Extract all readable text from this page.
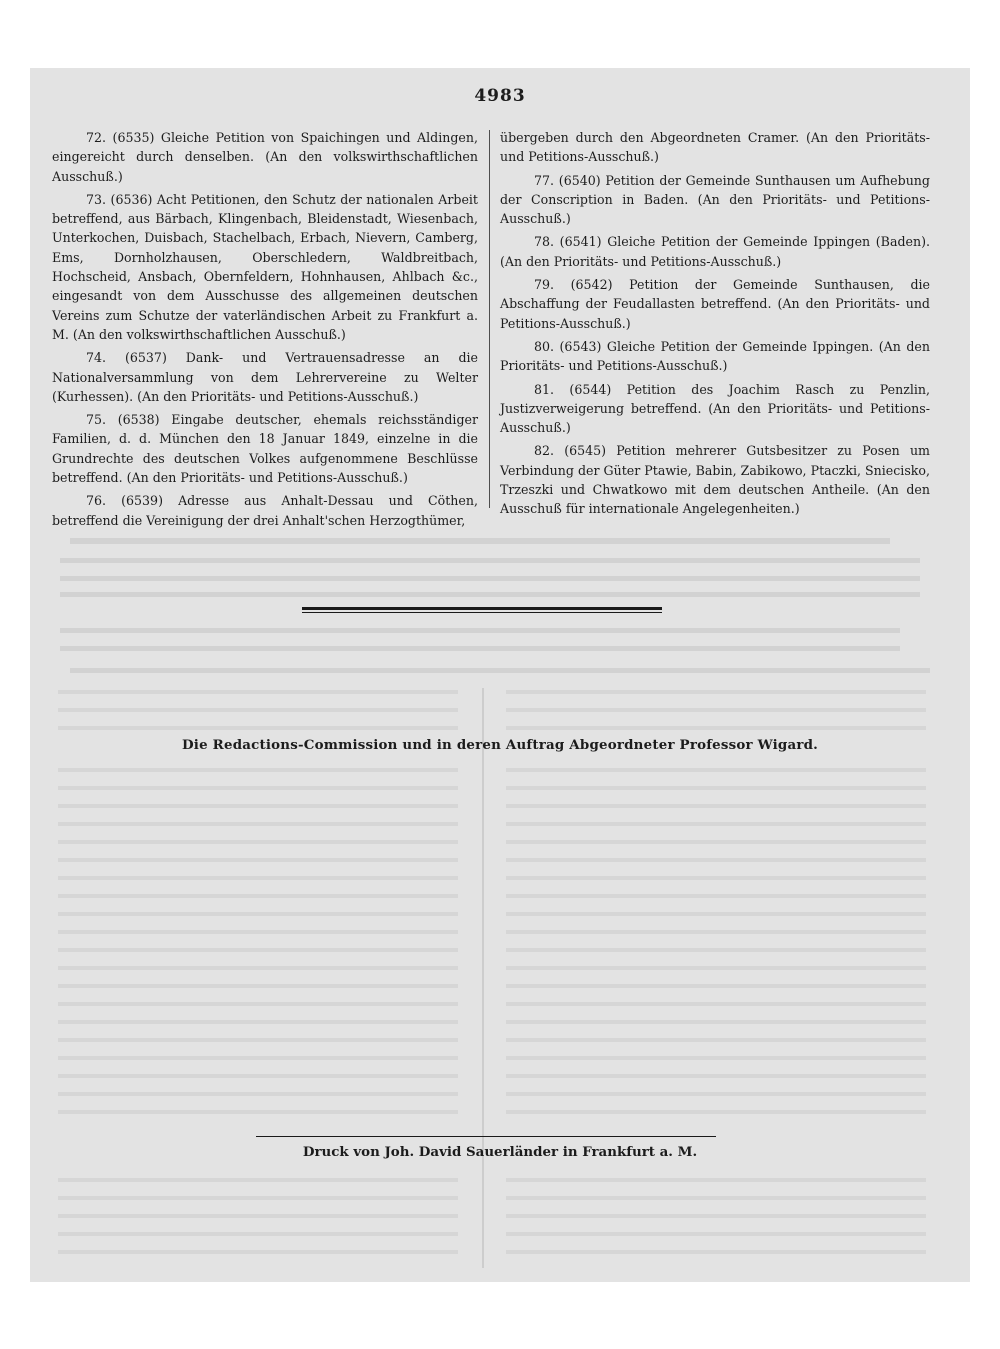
4983

72. (6535) Gleiche Petition von Spaichingen und Aldingen, eingereicht durch denselben. (An den volkswirthschaftlichen Ausschuß.)

73. (6536) Acht Petitionen, den Schutz der nationalen Arbeit betreffend, aus Bärbach, Klingenbach, Bleidenstadt, Wiesenbach, Unterkochen, Duisbach, Stachelbach, Erbach, Nievern, Camberg, Ems, Dornholzhausen, Oberschledern, Waldbreitbach, Hochscheid, Ansbach, Obernfeldern, Hohnhausen, Ahlbach &c., eingesandt von dem Ausschusse des allgemeinen deutschen Vereins zum Schutze der vaterländischen Arbeit zu Frankfurt a. M. (An den volkswirthschaftlichen Ausschuß.)

74. (6537) Dank- und Vertrauensadresse an die Nationalversammlung von dem Lehrervereine zu Welter (Kurhessen). (An den Prioritäts- und Petitions-Ausschuß.)

75. (6538) Eingabe deutscher, ehemals reichsständiger Familien, d. d. München den 18 Januar 1849, einzelne in die Grundrechte des deutschen Volkes aufgenommene Beschlüsse betreffend. (An den Prioritäts- und Petitions-Ausschuß.)

76. (6539) Adresse aus Anhalt-Dessau und Cöthen, betreffend die Vereinigung der drei Anhalt'schen Herzogthümer,

übergeben durch den Abgeordneten Cramer. (An den Prioritäts- und Petitions-Ausschuß.)

77. (6540) Petition der Gemeinde Sunthausen um Aufhebung der Conscription in Baden. (An den Prioritäts- und Petitions-Ausschuß.)

78. (6541) Gleiche Petition der Gemeinde Ippingen (Baden). (An den Prioritäts- und Petitions-Ausschuß.)

79. (6542) Petition der Gemeinde Sunthausen, die Abschaffung der Feudallasten betreffend. (An den Prioritäts- und Petitions-Ausschuß.)

80. (6543) Gleiche Petition der Gemeinde Ippingen. (An den Prioritäts- und Petitions-Ausschuß.)

81. (6544) Petition des Joachim Rasch zu Penzlin, Justizverweigerung betreffend. (An den Prioritäts- und Petitions-Ausschuß.)

82. (6545) Petition mehrerer Gutsbesitzer zu Posen um Verbindung der Güter Ptawie, Babin, Zabikowo, Ptaczki, Sniecisko, Trzeszki und Chwatkowo mit dem deutschen Antheile. (An den Ausschuß für internationale Angelegenheiten.)

Die Redactions-Commission und in deren Auftrag Abgeordneter Professor Wigard.
Druck von Joh. David Sauerländer in Frankfurt a. M.
